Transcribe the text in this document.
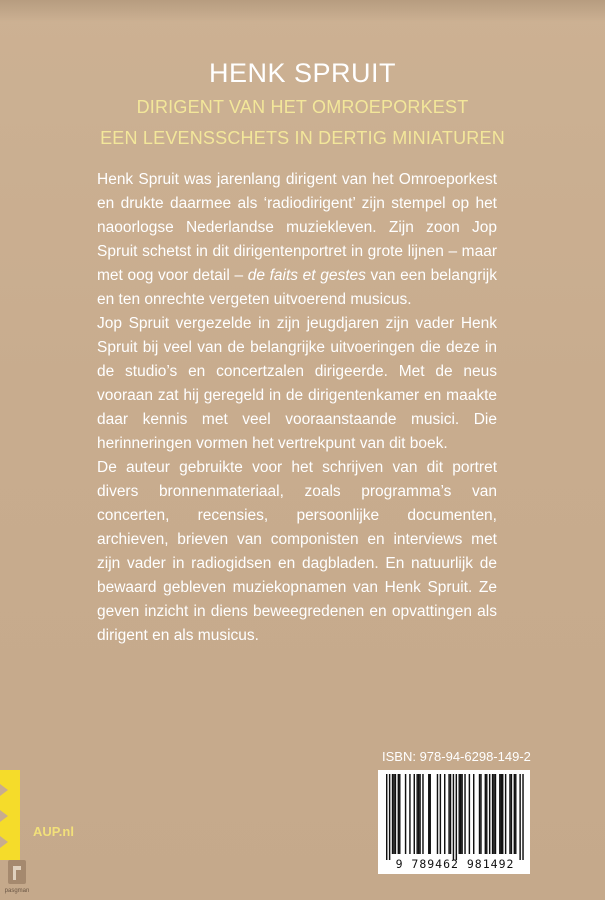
HENK SPRUIT
DIRIGENT VAN HET OMROEPORKEST
EEN LEVENSSCHETS IN DERTIG MINIATUREN

Henk Spruit was jarenlang dirigent van het Omroeporkest en drukte daarmee als ‘radiodirigent’ zijn stempel op het naoorlogse Nederlandse muziekleven. Zijn zoon Jop Spruit schetst in dit dirigentenportret in grote lijnen – maar met oog voor detail – de faits et gestes van een belangrijk en ten onrechte vergeten uitvoerend musicus.

Jop Spruit vergezelde in zijn jeugdjaren zijn vader Henk Spruit bij veel van de belangrijke uitvoeringen die deze in de studio’s en concertzalen dirigeerde. Met de neus vooraan zat hij geregeld in de dirigentenkamer en maakte daar kennis met veel vooraanstaande musici. Die herinneringen vormen het vertrekpunt van dit boek.

De auteur gebruikte voor het schrijven van dit portret divers bronnenmateriaal, zoals programma’s van concerten, recensies, persoonlijke documenten, archieven, brieven van componisten en interviews met zijn vader in radiogidsen en dagbladen. En natuurlijk de bewaard gebleven muziekopnamen van Henk Spruit. Ze geven inzicht in diens beweegredenen en opvattingen als dirigent en als musicus.

ISBN: 978-94-6298-149-2
9 789462 981492
AUP.nl
pasgman
